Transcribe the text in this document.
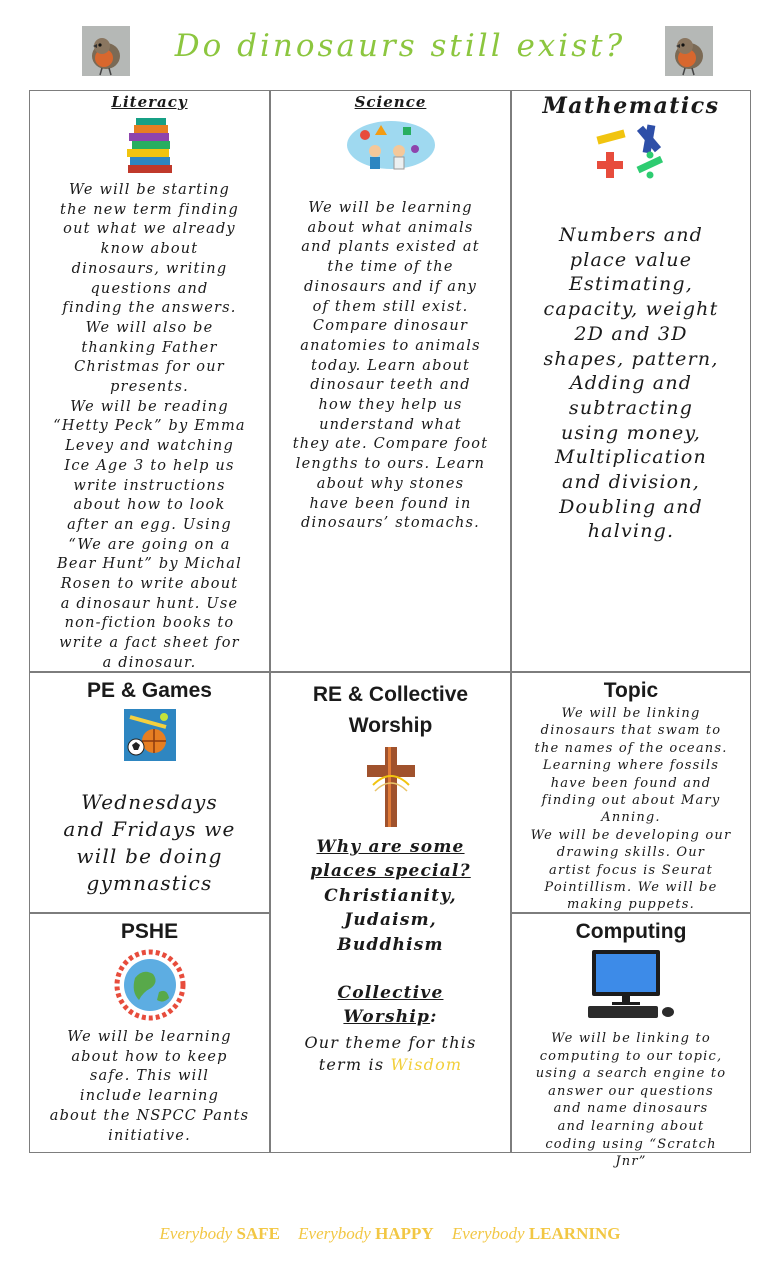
Do dinosaurs still exist?
Literacy
We will be starting
the new term finding
out what we already
know about
dinosaurs, writing
questions and
finding the answers.
We will also be
thanking Father
Christmas for our
presents.
We will be reading
“Hetty Peck” by Emma
Levey and watching
Ice Age 3 to help us
write instructions
about how to look
after an egg. Using
“We are going on a
Bear Hunt” by Michal
Rosen to write about
a dinosaur hunt. Use
non-fiction books to
write a fact sheet for
a dinosaur.
Science
We will be learning
about what animals
and plants existed at
the time of the
dinosaurs and if any
of them still exist.
Compare dinosaur
anatomies to animals
today. Learn about
dinosaur teeth and
how they help us
understand what
they ate. Compare foot
lengths to ours. Learn
about why stones
have been found in
dinosaurs’ stomachs.
Mathematics
Numbers and
place value
Estimating,
capacity, weight
2D and 3D
shapes, pattern,
Adding and
subtracting
using money,
Multiplication
and division,
Doubling and
halving.
PE & Games
Wednesdays
and Fridays we
will be doing
gymnastics
RE & Collective
Worship
Why are some
places special?
Christianity,
Judaism,
Buddhism
Collective
Worship:
Our theme for this
term is Wisdom
Topic
We will be linking
dinosaurs that swam to
the names of the oceans.
Learning where fossils
have been found and
finding out about Mary
Anning.
We will be developing our
drawing skills. Our
artist focus is Seurat
Pointillism. We will be
making puppets.
PSHE
We will be learning
about how to keep
safe. This will
include learning
about the NSPCC Pants
initiative.
Computing
We will be linking to
computing to our topic,
using a search engine to
answer our questions
and name dinosaurs
and learning about
coding using “Scratch
Jnr”
Everybody SAFE Everybody HAPPY Everybody LEARNING
